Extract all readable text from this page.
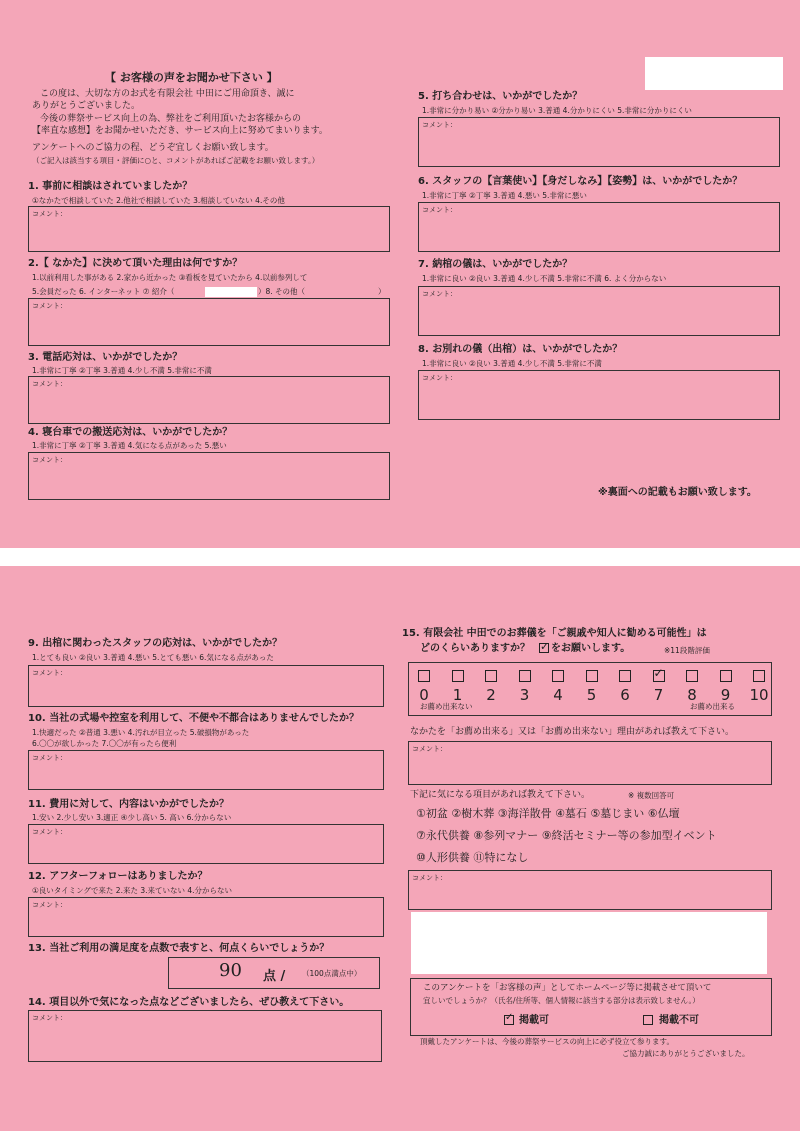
【 お客様の声をお聞かせ下さい 】
この度は、大切な方のお式を有限会社 中田にご用命頂き、誠に
ありがとうございました。
今後の葬祭サービス向上の為、弊社をご利用頂いたお客様からの
【率直な感想】をお聞かせいただき、サービス向上に努めてまいります。
アンケートへのご協力の程、どうぞ宜しくお願い致します。
（ご記入は該当する項目・評価に○と、コメントがあればご記載をお願い致します。）
1. 事前に相談はされていましたか？
①なかたで相談していた 2.他社で相談していた 3.相談していない 4.その他
コメント：
2.【 なかた】に決めて頂いた理由は何ですか？
1.以前利用した事がある 2.家から近かった ③看板を見ていたから 4.以前参列して
5.会員だった 6. インターネット ⑦ 紹介（	）8. その他（	）
コメント：
3. 電話応対は、いかがでしたか？
1.非常に丁寧 ②丁寧 3.普通 4.少し不満 5.非常に不満
コメント：
4. 寝台車での搬送応対は、いかがでしたか？
1.非常に丁寧 ②丁寧 3.普通 4.気になる点があった 5.悪い
コメント：
5. 打ち合わせは、いかがでしたか？
1.非常に分かり易い ②分かり易い 3.普通 4.分かりにくい 5.非常に分かりにくい
コメント：
6. スタッフの【言葉使い】【身だしなみ】【姿勢】は、いかがでしたか？
1.非常に丁寧 ②丁寧 3.普通 4.悪い 5.非常に悪い
コメント：
7. 納棺の儀は、いかがでしたか？
1.非常に良い ②良い 3.普通 4.少し不満 5.非常に不満 6. よく分からない
コメント：
8. お別れの儀（出棺）は、いかがでしたか？
1.非常に良い ②良い 3.普通 4.少し不満 5.非常に不満
コメント：
※裏面への記載もお願い致します。
9. 出棺に関わったスタッフの応対は、いかがでしたか？
1.とても良い ②良い 3.普通 4.悪い 5.とても悪い 6.気になる点があった
コメント：
10. 当社の式場や控室を利用して、不便や不都合はありませんでしたか？
1.快適だった ②普通 3.悪い 4.汚れが目立った 5.破損物があった
6.〇〇が欲しかった 7.〇〇が有ったら便利
コメント：
11. 費用に対して、内容はいかがでしたか？
1.安い 2.少し安い 3.適正 ④少し高い 5. 高い 6.分からない
コメント：
12. アフターフォローはありましたか？
①良いタイミングで来た 2.来た 3.来ていない 4.分からない
コメント：
13. 当社ご利用の満足度を点数で表すと、何点くらいでしょうか？
90 点 / （100点満点中）
14. 項目以外で気になった点などございましたら、ぜひ教えて下さい。
コメント：
15. 有限会社 中田でのお葬儀を「ご親戚や知人に勧める可能性」は
どのくらいありますか？ ✓ をお願いします。	※11段階評価
0	1	2	3	4	5	6
✓
7	8	9	10
お薦め出来ない	お薦め出来る
なかたを「お薦め出来る」又は「お薦め出来ない」理由があれば教えて下さい。
コメント：
下記に気になる項目があれば教えて下さい。	※ 複数回答可
①初盆 ②樹木葬 ③海洋散骨 ④墓石 ⑤墓じまい ⑥仏壇
⑦永代供養 ⑧参列マナー ⑨終活セミナー等の参加型イベント
⑩人形供養 ⑪特になし
コメント：
このアンケートを「お客様の声」としてホームページ等に掲載させて頂いて
宜しいでしょうか？（氏名/住所等、個人情報に該当する部分は表示致しません。）
✓ 掲載可	掲載不可
頂戴したアンケートは、今後の葬祭サービスの向上に必ず役立て参ります。
ご協力誠にありがとうございました。
